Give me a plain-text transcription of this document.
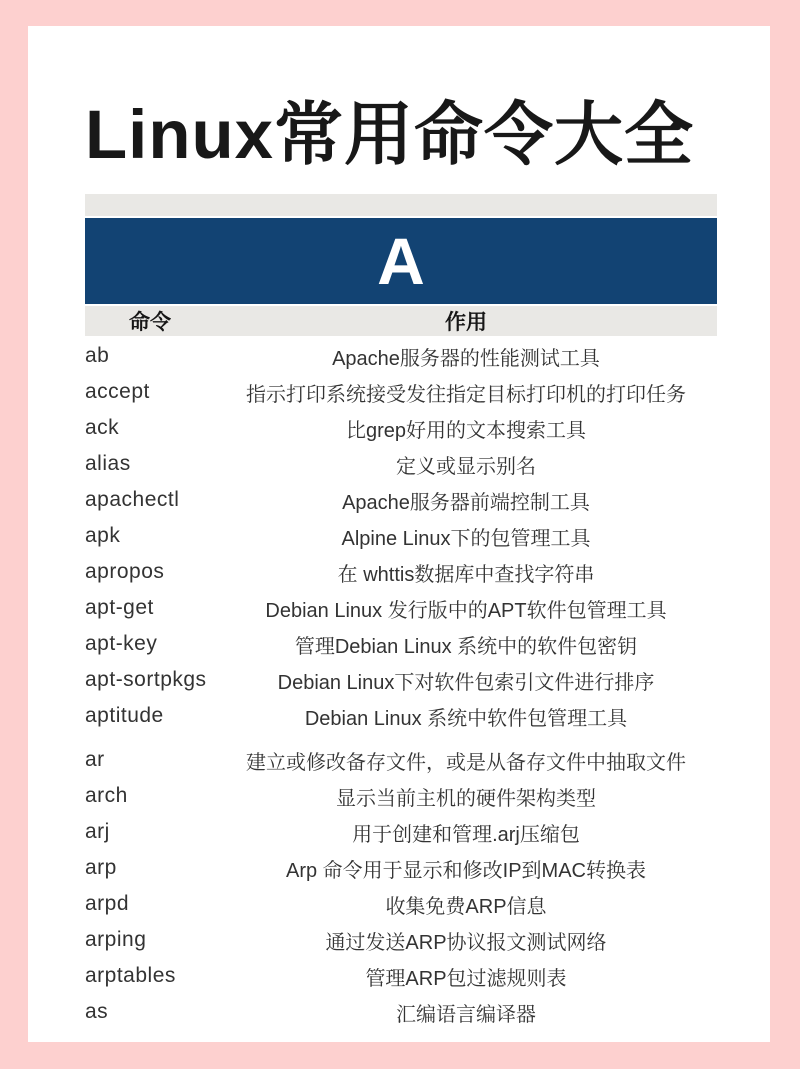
Linux常用命令大全
A
命令	作用
ab	Apache服务器的性能测试工具
accept	指示打印系统接受发往指定目标打印机的打印任务
ack	比grep好用的文本搜索工具
alias	定义或显示别名
apachectl	Apache服务器前端控制工具
apk	Alpine Linux下的包管理工具
apropos	在 whttis数据库中查找字符串
apt-get	Debian Linux 发行版中的APT软件包管理工具
apt-key	管理Debian Linux 系统中的软件包密钥
apt-sortpkgs	Debian Linux下对软件包索引文件进行排序
aptitude	Debian Linux 系统中软件包管理工具
ar	建立或修改备存文件，或是从备存文件中抽取文件
arch	显示当前主机的硬件架构类型
arj	用于创建和管理.arj压缩包
arp	Arp 命令用于显示和修改IP到MAC转换表
arpd	收集免费ARP信息
arping	通过发送ARP协议报文测试网络
arptables	管理ARP包过滤规则表
as	汇编语言编译器
